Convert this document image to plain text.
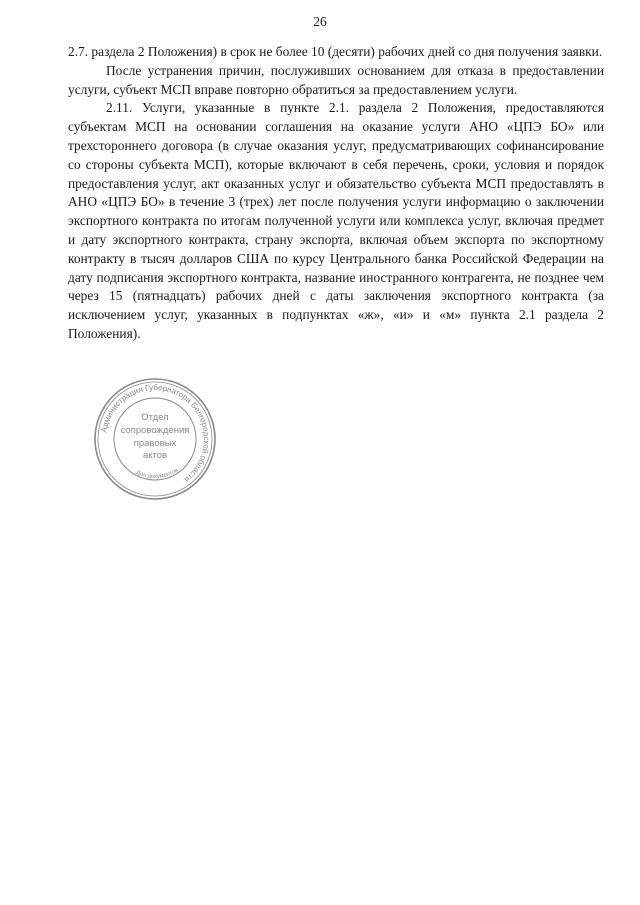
26

2.7. раздела 2 Положения) в срок не более 10 (десяти) рабочих дней со дня получения заявки.

После устранения причин, послуживших основанием для отказа в предоставлении услуги, субъект МСП вправе повторно обратиться за предоставлением услуги.

2.11. Услуги, указанные в пункте 2.1. раздела 2 Положения, предоставляются субъектам МСП на основании соглашения на оказание услуги АНО «ЦПЭ БО» или трехстороннего договора (в случае оказания услуг, предусматривающих софинансирование со стороны субъекта МСП), которые включают в себя перечень, сроки, условия и порядок предоставления услуг, акт оказанных услуг и обязательство субъекта МСП предоставлять в АНО «ЦПЭ БО» в течение 3 (трех) лет после получения услуги информацию о заключении экспортного контракта по итогам полученной услуги или комплекса услуг, включая предмет и дату экспортного контракта, страну экспорта, включая объем экспорта по экспортному контракту в тысяч долларов США по курсу Центрального банка Российской Федерации на дату подписания экспортного контракта, название иностранного контрагента, не позднее чем через 15 (пятнадцать) рабочих дней с даты заключения экспортного контракта (за исключением услуг, указанных в подпунктах «ж», «и» и «м» пункта 2.1 раздела 2 Положения).

Администрация Губернатора Белгородской области
Отдел
сопровождения
правовых
актов
Для документов
